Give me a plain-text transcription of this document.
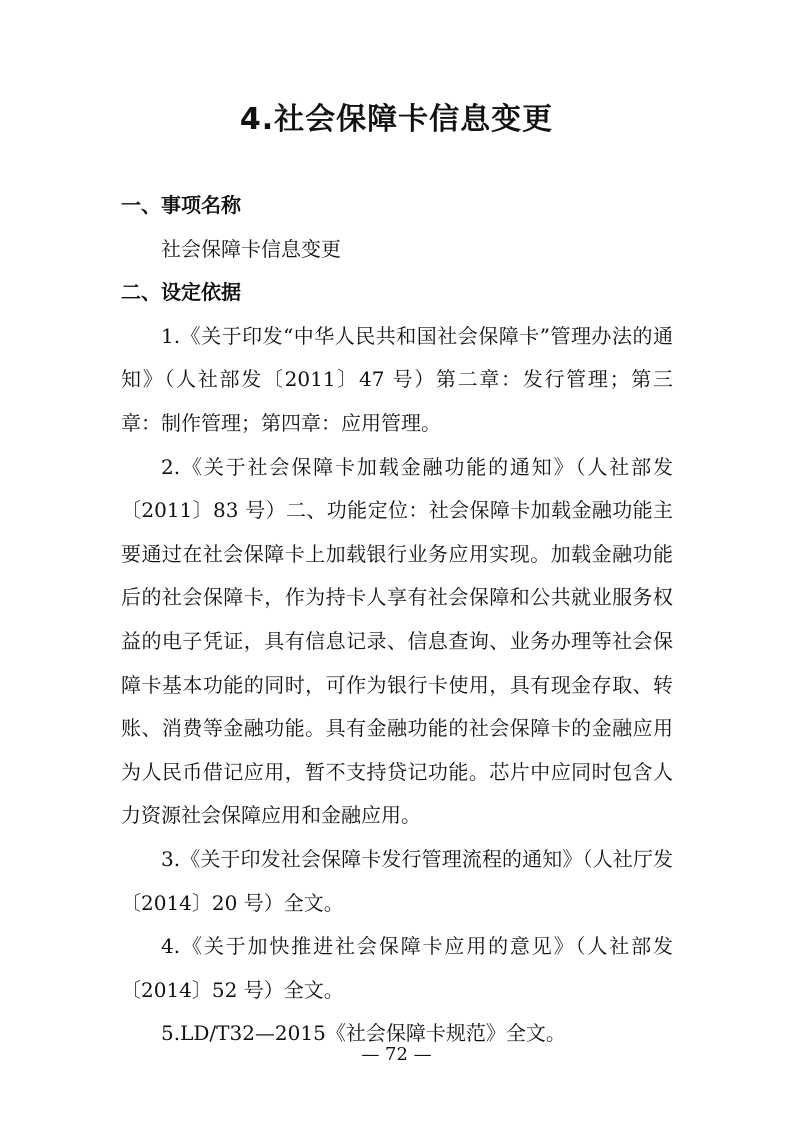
4.社会保障卡信息变更

一、事项名称

社会保障卡信息变更

二、设定依据

1.《关于印发“中华人民共和国社会保障卡”管理办法的通知》（人社部发〔2011〕47 号）第二章：发行管理；第三章：制作管理；第四章：应用管理。

2.《关于社会保障卡加载金融功能的通知》（人社部发〔2011〕83 号）二、功能定位：社会保障卡加载金融功能主要通过在社会保障卡上加载银行业务应用实现。加载金融功能后的社会保障卡，作为持卡人享有社会保障和公共就业服务权益的电子凭证，具有信息记录、信息查询、业务办理等社会保障卡基本功能的同时，可作为银行卡使用，具有现金存取、转账、消费等金融功能。具有金融功能的社会保障卡的金融应用为人民币借记应用，暂不支持贷记功能。芯片中应同时包含人力资源社会保障应用和金融应用。

3.《关于印发社会保障卡发行管理流程的通知》（人社厅发〔2014〕20 号）全文。

4.《关于加快推进社会保障卡应用的意见》（人社部发〔2014〕52 号）全文。

5.LD/T32—2015《社会保障卡规范》全文。

— 72 —
